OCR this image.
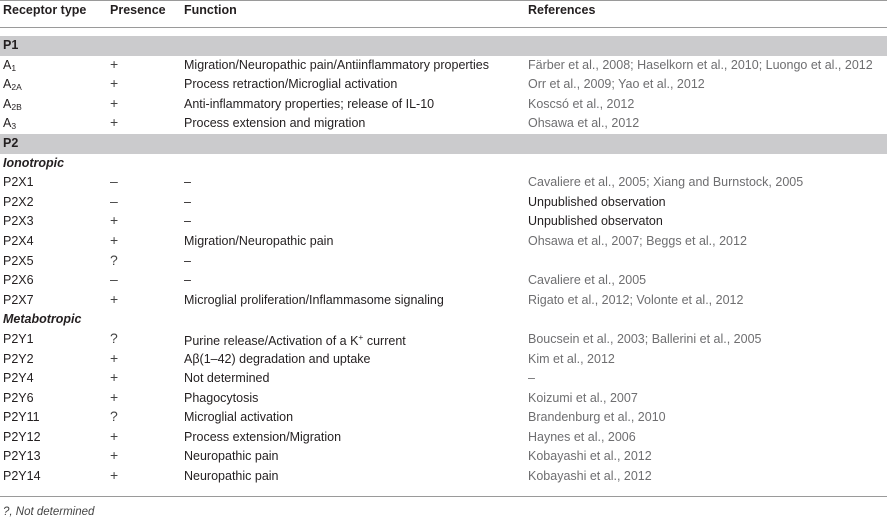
Receptor type Presence Function	References
P1
A1	+	Migration/Neuropathic pain/Antiinflammatory properties	Färber et al., 2008; Haselkorn et al., 2010; Luongo et al., 2012
A2A	+	Process retraction/Microglial activation	Orr et al., 2009; Yao et al., 2012
A2B	+	Anti-inflammatory properties; release of IL-10	Koscsó et al., 2012
A3	+	Process extension and migration	Ohsawa et al., 2012
P2
Ionotropic
P2X1	–	–	Cavaliere et al., 2005; Xiang and Burnstock, 2005
P2X2	–	–	Unpublished observation
P2X3	+	–	Unpublished observaton
P2X4	+	Migration/Neuropathic pain	Ohsawa et al., 2007; Beggs et al., 2012
P2X5	?	–
P2X6	–	–	Cavaliere et al., 2005
P2X7	+	Microglial proliferation/Inflammasome signaling	Rigato et al., 2012; Volonte et al., 2012
Metabotropic
P2Y1	?	Purine release/Activation of a K+ current	Boucsein et al., 2003; Ballerini et al., 2005
P2Y2	+	Aβ(1–42) degradation and uptake	Kim et al., 2012
P2Y4	+	Not determined	–
P2Y6	+	Phagocytosis	Koizumi et al., 2007
P2Y11	?	Microglial activation	Brandenburg et al., 2010
P2Y12	+	Process extension/Migration	Haynes et al., 2006
P2Y13	+	Neuropathic pain	Kobayashi et al., 2012
P2Y14	+	Neuropathic pain	Kobayashi et al., 2012
?, Not determined
